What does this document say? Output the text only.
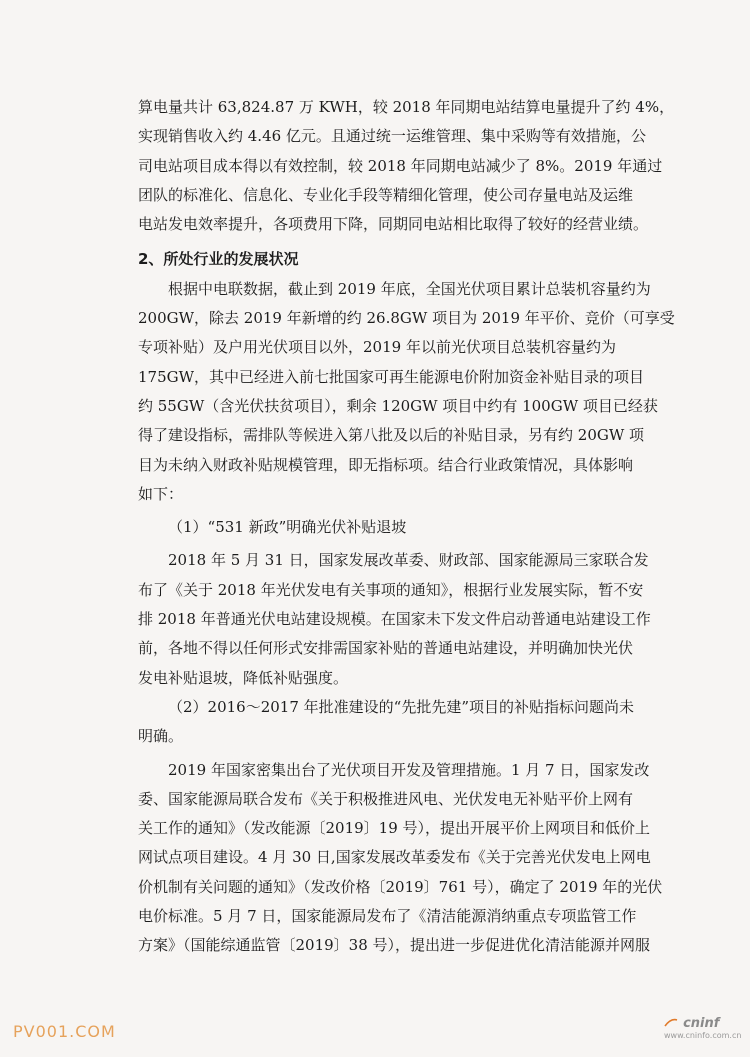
算电量共计 63,824.87 万 KWH，较 2018 年同期电站结算电量提升了约 4%，
实现销售收入约 4.46 亿元。且通过统一运维管理、集中采购等有效措施，公
司电站项目成本得以有效控制，较 2018 年同期电站减少了 8%。2019 年通过
团队的标准化、信息化、专业化手段等精细化管理，使公司存量电站及运维
电站发电效率提升，各项费用下降，同期同电站相比取得了较好的经营业绩。

2、所处行业的发展状况

根据中电联数据，截止到 2019 年底，全国光伏项目累计总装机容量约为
200GW，除去 2019 年新增的约 26.8GW 项目为 2019 年平价、竞价（可享受
专项补贴）及户用光伏项目以外，2019 年以前光伏项目总装机容量约为
175GW，其中已经进入前七批国家可再生能源电价附加资金补贴目录的项目
约 55GW（含光伏扶贫项目），剩余 120GW 项目中约有 100GW 项目已经获
得了建设指标，需排队等候进入第八批及以后的补贴目录，另有约 20GW 项
目为未纳入财政补贴规模管理，即无指标项。结合行业政策情况，具体影响
如下：

（1）“531 新政”明确光伏补贴退坡

2018 年 5 月 31 日，国家发展改革委、财政部、国家能源局三家联合发
布了《关于 2018 年光伏发电有关事项的通知》，根据行业发展实际，暂不安
排 2018 年普通光伏电站建设规模。在国家未下发文件启动普通电站建设工作
前，各地不得以任何形式安排需国家补贴的普通电站建设，并明确加快光伏
发电补贴退坡，降低补贴强度。

（2）2016～2017 年批准建设的“先批先建”项目的补贴指标问题尚未
明确。

2019 年国家密集出台了光伏项目开发及管理措施。1 月 7 日，国家发改
委、国家能源局联合发布《关于积极推进风电、光伏发电无补贴平价上网有
关工作的通知》（发改能源〔2019〕19 号），提出开展平价上网项目和低价上
网试点项目建设。4 月 30 日,国家发展改革委发布《关于完善光伏发电上网电
价机制有关问题的通知》（发改价格〔2019〕761 号），确定了 2019 年的光伏
电价标准。5 月 7 日，国家能源局发布了《清洁能源消纳重点专项监管工作
方案》（国能综通监管〔2019〕38 号），提出进一步促进优化清洁能源并网服

PV001.COM	cninf
www.cninfo.com.cn
